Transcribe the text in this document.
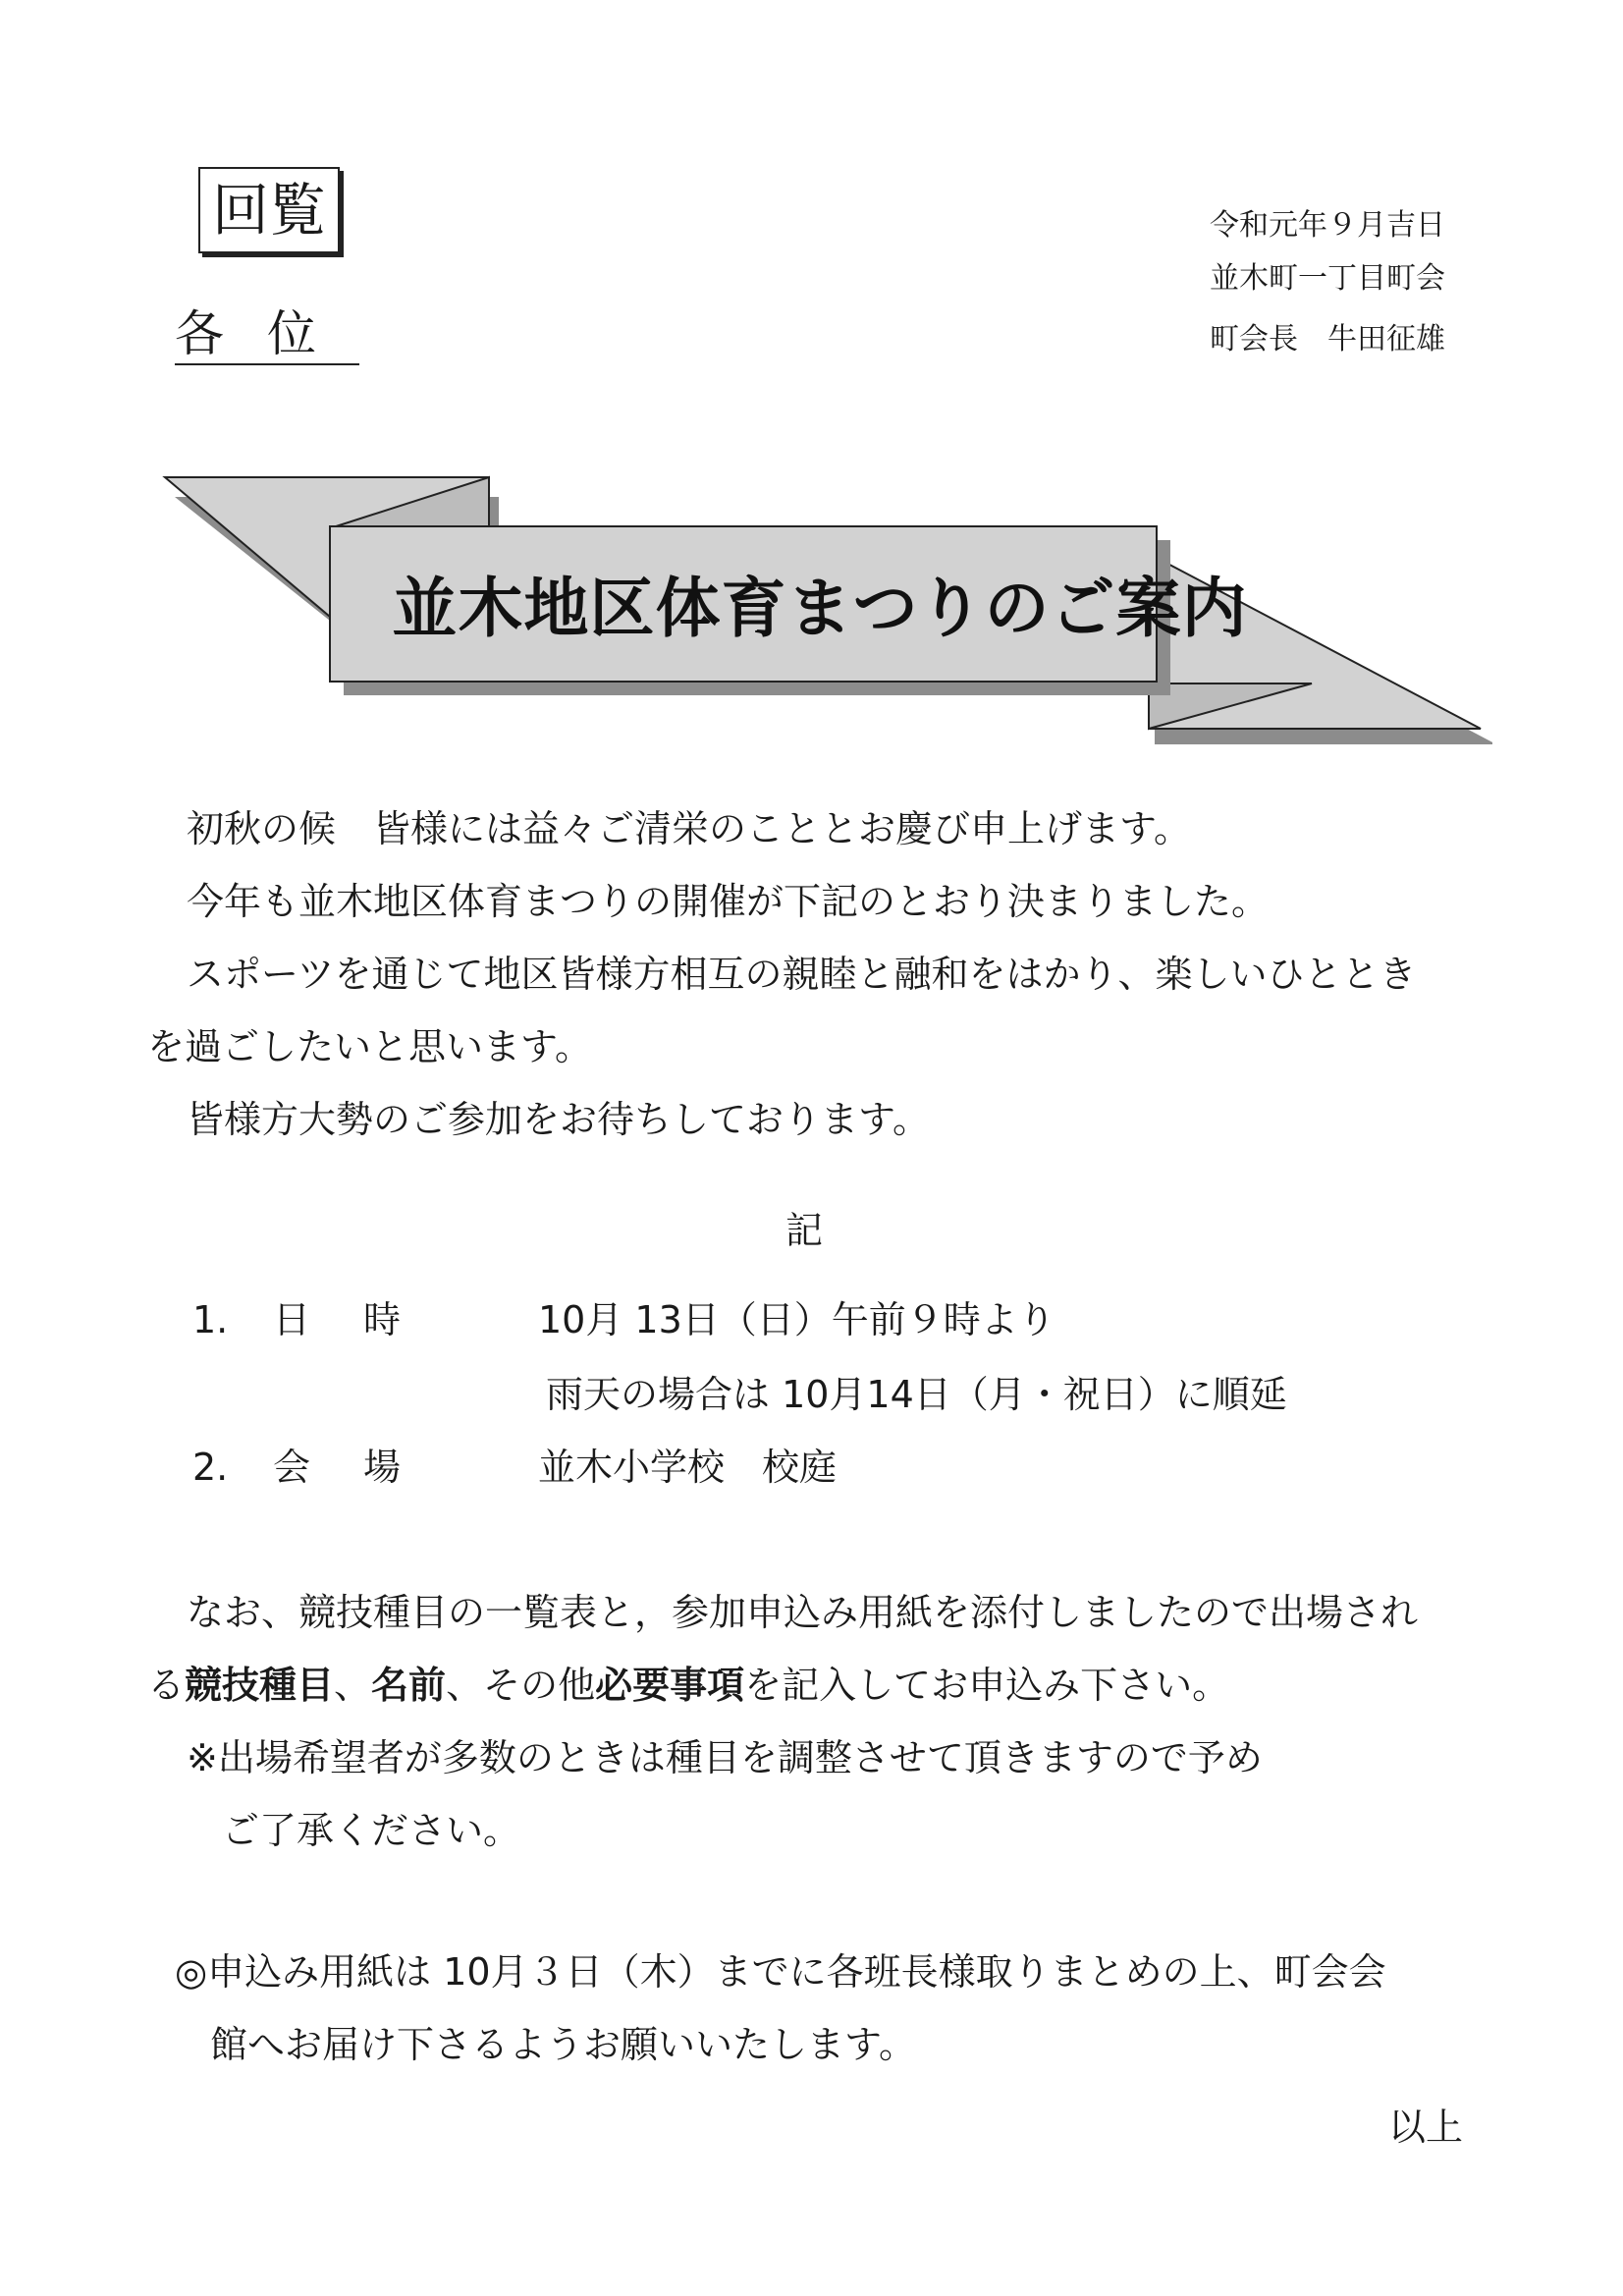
回覧
各位
令和元年９月吉日
並木町一丁目町会
町会長　牛田征雄
並木地区体育まつりのご案内
初秋の候　皆様には益々ご清栄のこととお慶び申上げます。
今年も並木地区体育まつりの開催が下記のとおり決まりました。
スポーツを通じて地区皆様方相互の親睦と融和をはかり、楽しいひととき
を過ごしたいと思います。
皆様方大勢のご参加をお待ちしております。
記
1. 日　時	10月 13日（日）午前９時より
雨天の場合は 10月14日（月・祝日）に順延
2. 会　場	並木小学校　校庭
なお、競技種目の一覧表と，参加申込み用紙を添付しましたので出場され
る競技種目、名前、その他必要事項を記入してお申込み下さい。
※出場希望者が多数のときは種目を調整させて頂きますので予め
ご了承ください。
◎申込み用紙は 10月３日（木）までに各班長様取りまとめの上、町会会
館へお届け下さるようお願いいたします。
以上
